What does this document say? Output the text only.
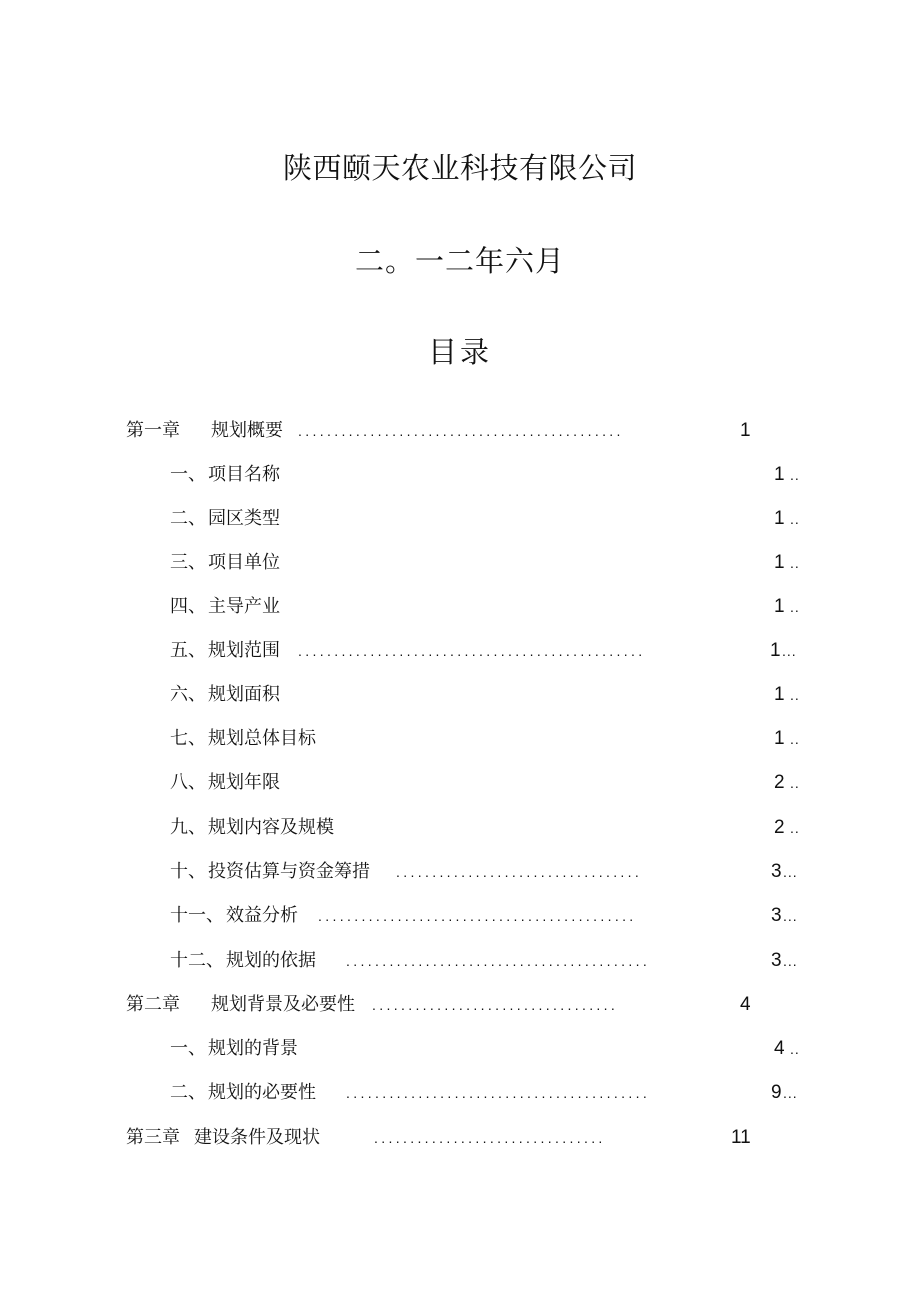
陕西颐天农业科技有限公司
二。一二年六月
目录
第一章 规划概要 .............................................	1
一、 项目名称	1 ..
二、 园区类型	1 ..
三、 项目单位	1 ..
四、 主导产业	1 ..
五、 规划范围 ................................................	1 ...
六、 规划面积	1 ..
七、 规划总体目标	1 ..
八、 规划年限	2 ..
九、 规划内容及规模	2 ..
十、 投资估算与资金筹措 ..................................	3 ...
十一、 效益分析 ............................................	3 ...
十二、 规划的依据 ..........................................	3 ...
第二章 规划背景及必要性 ..................................	4
一、 规划的背景	4 ..
二、 规划的必要性 ..........................................	9 ...
第三章 建设条件及现状	................................	11
